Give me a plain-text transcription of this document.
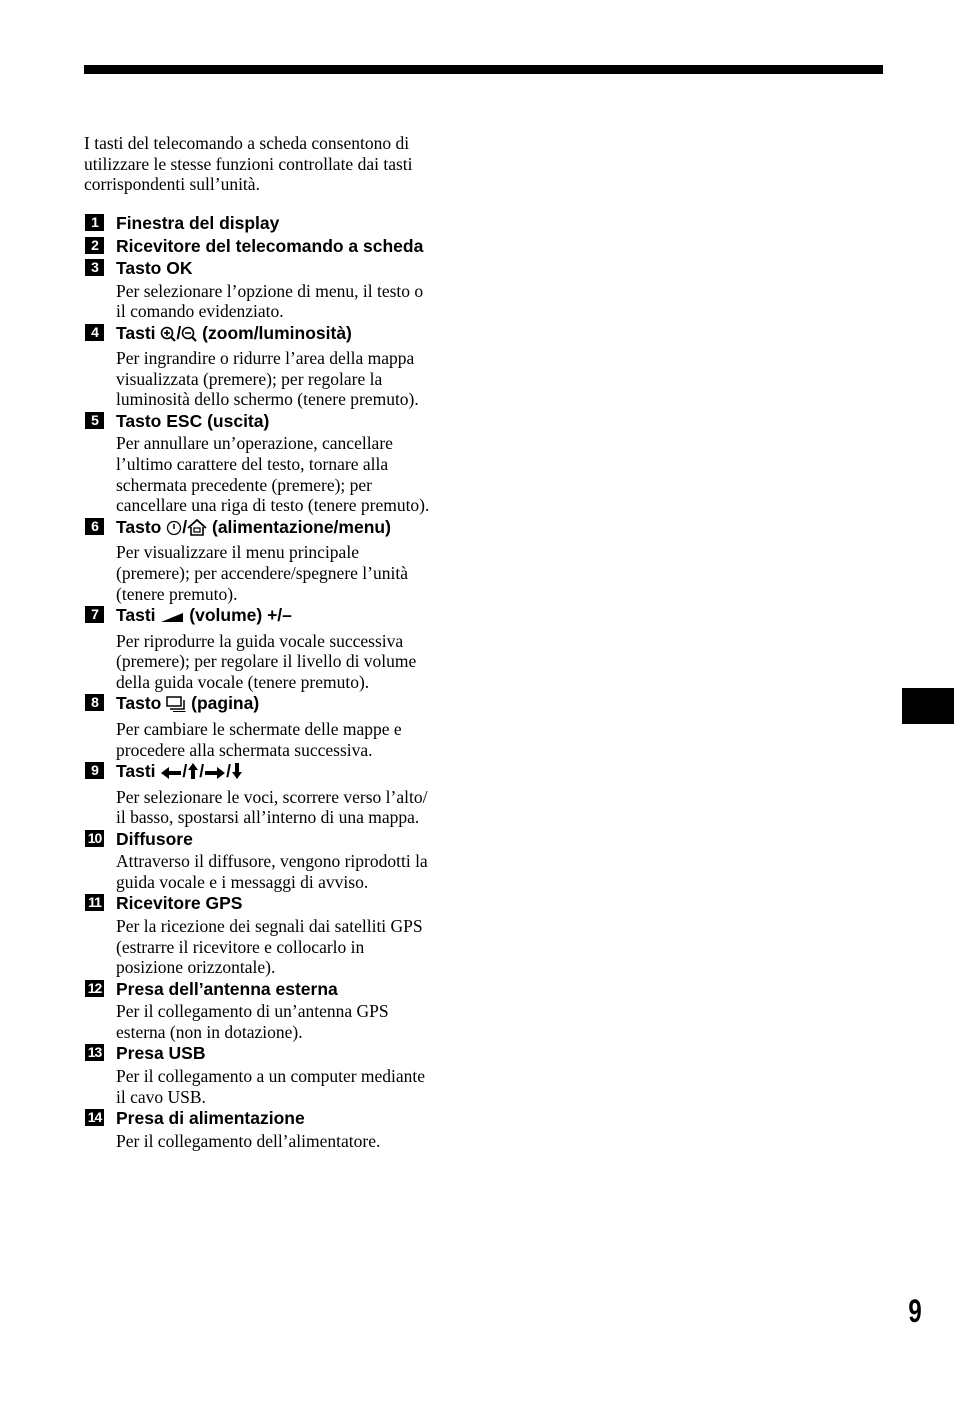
I tasti del telecomando a scheda consentono di
utilizzare le stesse funzioni controllate dai tasti
corrispondenti sull’unità.
1	Finestra del display
2	Ricevitore del telecomando a scheda
3	Tasto OK
Per selezionare l’opzione di menu, il testo o
il comando evidenziato.
4	Tasti / (zoom/luminosità)
Per ingrandire o ridurre l’area della mappa
visualizzata (premere); per regolare la
luminosità dello schermo (tenere premuto).
5	Tasto ESC (uscita)
Per annullare un’operazione, cancellare
l’ultimo carattere del testo, tornare alla
schermata precedente (premere); per
cancellare una riga di testo (tenere premuto).
6	Tasto / (alimentazione/menu)
Per visualizzare il menu principale
(premere); per accendere/spegnere l’unità
(tenere premuto).
7	Tasti (volume) +/–
Per riprodurre la guida vocale successiva
(premere); per regolare il livello di volume
della guida vocale (tenere premuto).
8	Tasto (pagina)
Per cambiare le schermate delle mappe e
procedere alla schermata successiva.
9	Tasti / / /
Per selezionare le voci, scorrere verso l’alto/
il basso, spostarsi all’interno di una mappa.
10 Diffusore
Attraverso il diffusore, vengono riprodotti la
guida vocale e i messaggi di avviso.
11 Ricevitore GPS
Per la ricezione dei segnali dai satelliti GPS
(estrarre il ricevitore e collocarlo in
posizione orizzontale).
12 Presa dell’antenna esterna
Per il collegamento di un’antenna GPS
esterna (non in dotazione).
13 Presa USB
Per il collegamento a un computer mediante
il cavo USB.
14 Presa di alimentazione
Per il collegamento dell’alimentatore.
9
